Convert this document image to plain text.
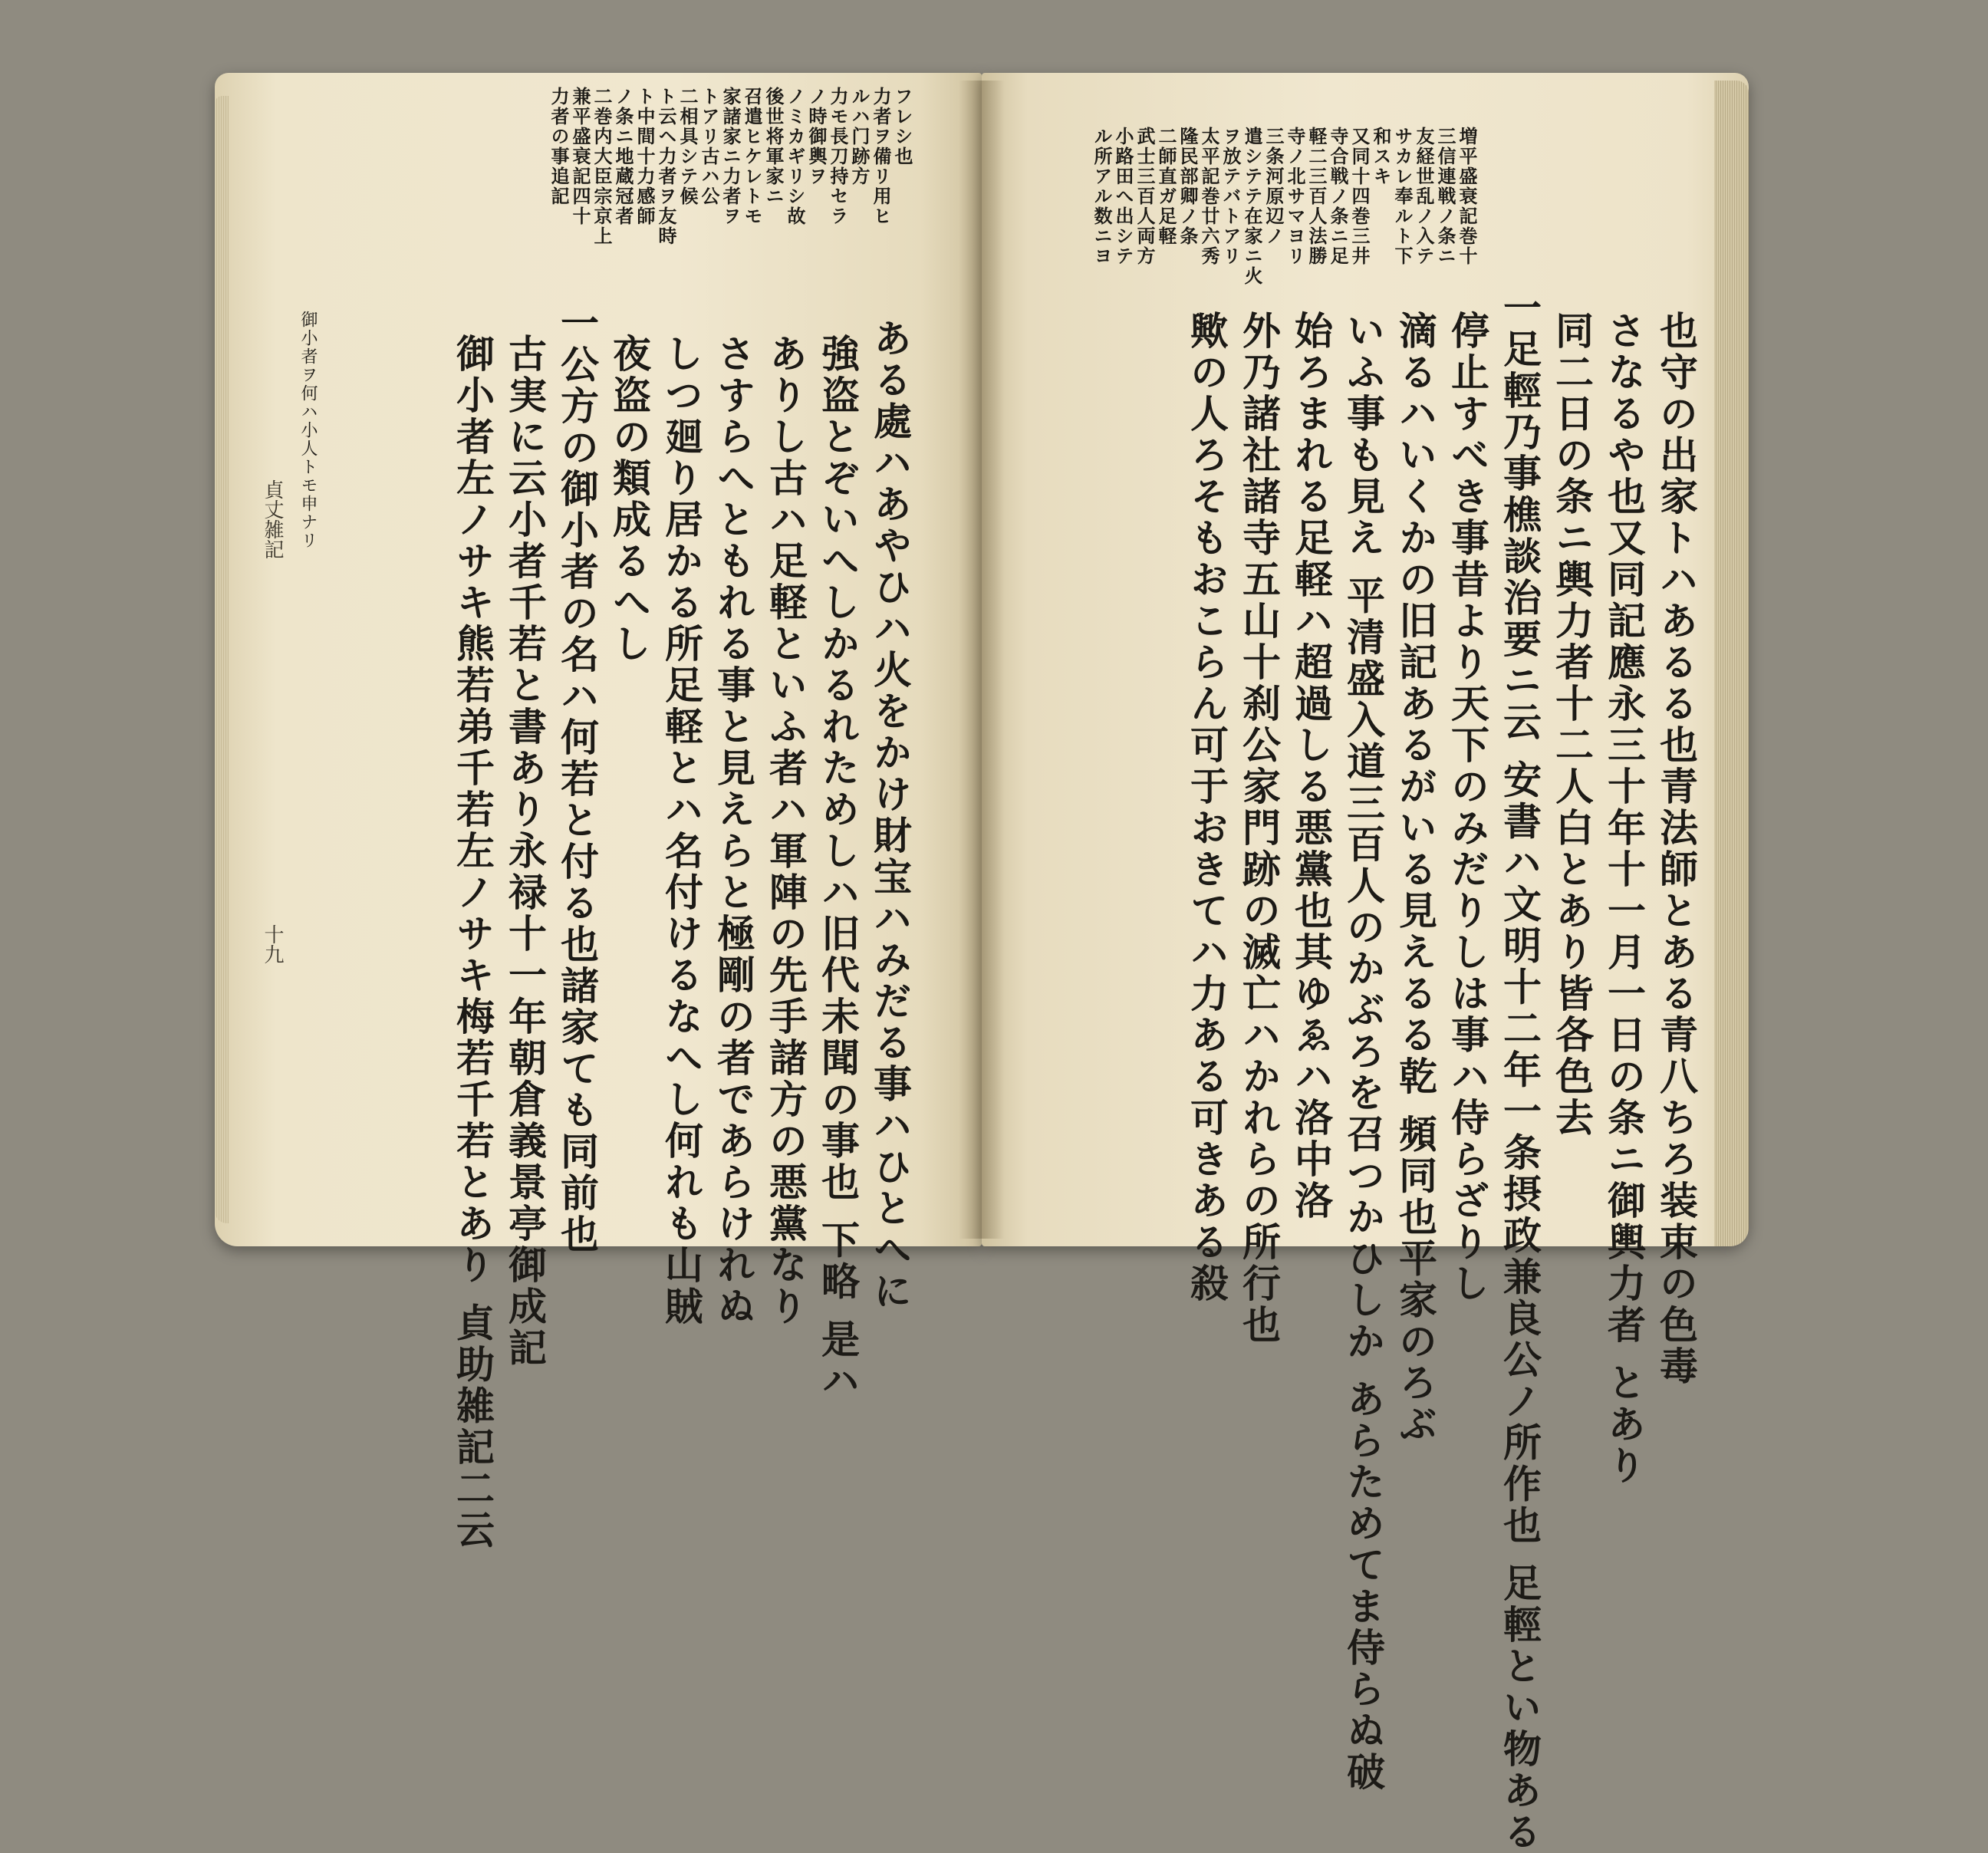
力者の事追記 兼平盛衰記四十 二巻内大臣宗京上 ノ条ニ地蔵冠者 ト中間十力感師 ト云ヘ力者ヲ友時 二相具シテ候 トアリ古ハ公 家諸家ニ力者ヲ 召遣ヒケレトモ 後世将軍家ニ ノミカギリシ故 ノ時御輿ヲ 力モ長刀持セラ ルハ门跡方 力者ヲ備リ用ヒ フレシ也
ある處ハあやひハ火をかけ財宝ハみだる事ハひとへに
強盗とぞいへしかるれためしハ旧代未聞の事也 下略 是ハ
ありし古ハ足軽といふ者ハ軍陣の先手諸方の悪黨なり
さすらへともれる事と見えらと極剛の者であらけれぬ
しつ廻り居かる所足軽とハ名付けるなへし何れも山賊
夜盗の類成るへし
一公方の御小者の名ハ何若と付る也諸家ても同前也
古実に云小者千若と書あり永禄十一年朝倉義景亭御成記
御小者左ノサキ熊若弟千若左ノサキ梅若千若とあり 貞助雑記二云
御小者ヲ何ハ小人トモ申ナリ
貞丈雑記
十九
増平盛衰記巻十
三信連戦ノ条ニ
友経世乱ノ入テ
サカレ奉ルト下
和スキ
又同十四巻三井
寺合戦ノ条ニ足
軽二三百人法勝
寺ノ北サマヨリ
三条河原辺ノ
遣シテテ在家ニ火
ヲ放テバトアリ
太平記巻廿六秀
隆民部卿ノ条
二師直ガ足軽
武士三百人両方
小路田へ出シテ
ル所アル数ニヨ
也守の出家トハあるる也青法師とある青八ちろ装束の色毒
さなるや也又同記應永三十年十一月一日の条ニ御輿力者 とあり
同二日の条ニ輿力者十二人白とあり皆各色去
一足輕乃事樵談治要ニ云 安書ハ文明十二年一条摂政兼良公ノ所作也 足輕とい物ある
停止すべき事昔より天下のみだりしは事ハ侍らざりし
滴るハいくかの旧記あるがいる見えるる乾 頻同也平家のろぶ
いふ事も見え 平清盛入道三百人のかぶろを召つかひしか あらためてま侍らぬ破
始ろまれる足軽ハ超過しる悪黨也其ゆゑハ洛中洛
外乃諸社諸寺五山十刹公家門跡の滅亡ハかれらの所行也
歟の人ろそもおこらん可于おきてハ力ある可きある殺
